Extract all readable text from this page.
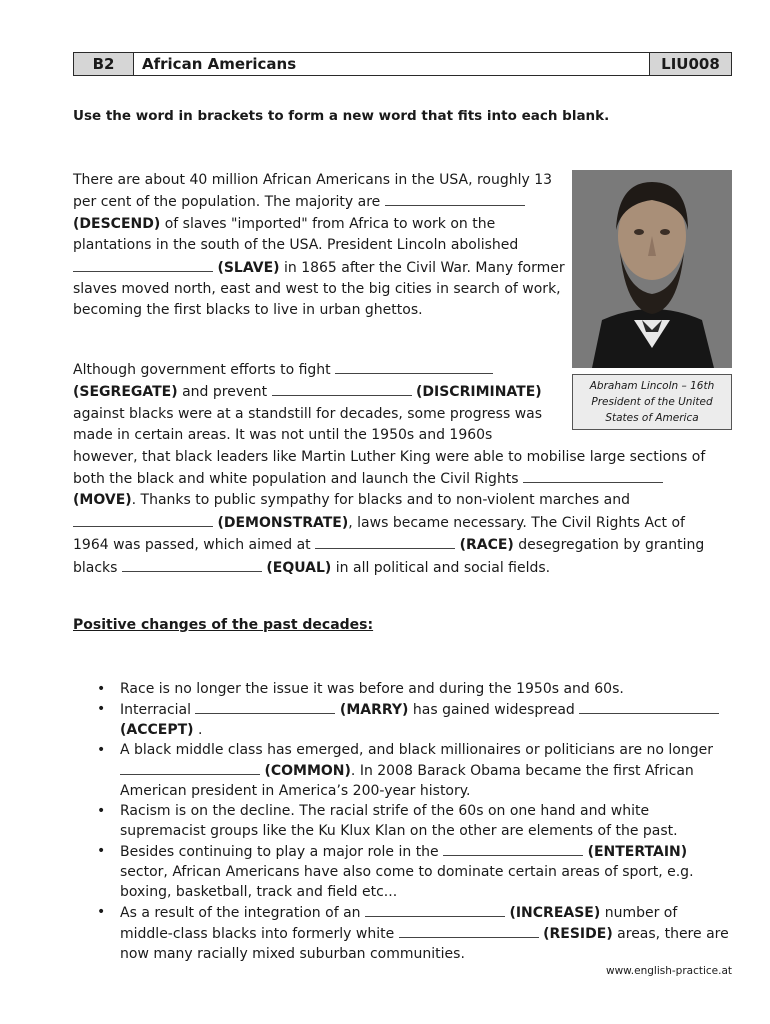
B2	African Americans	LIU008
Use the word in brackets to form a new word that fits into each blank.

There are about 40 million African Americans in the USA, roughly 13 per cent of the population. The majority are  (DESCEND) of slaves "imported" from Africa to work on the plantations in the south of the USA. President Lincoln abolished  (SLAVE) in 1865 after the Civil War. Many former slaves moved north, east and west to the big cities in search of work, becoming the first blacks to live in urban ghettos.

Abraham Lincoln – 16th President of the United States of America

Although government efforts to fight  (SEGREGATE) and prevent	(DISCRIMINATE) against blacks were at a standstill for decades, some progress was made in certain areas. It was not until the 1950s and 1960s however, that black leaders like Martin Luther King were able to mobilise large sections of both the black and white population and launch the Civil Rights  (MOVE). Thanks to public sympathy for blacks and to non-violent marches and  (DEMONSTRATE), laws became necessary. The Civil Rights Act of 1964 was passed, which aimed at	(RACE) desegregation by granting blacks	(EQUAL) in all political and social fields.

Positive changes of the past decades:
• Race is no longer the issue it was before and during the 1950s and 60s.
• Interracial	(MARRY) has gained widespread  (ACCEPT) .
• A black middle class has emerged, and black millionaires or politicians are no longer  (COMMON). In 2008 Barack Obama became the first African American president in America’s 200-year history.
• Racism is on the decline. The racial strife of the 60s on one hand and white supremacist groups like the Ku Klux Klan on the other are elements of the past.
• Besides continuing to play a major role in the	(ENTERTAIN) sector, African Americans have also come to dominate certain areas of sport, e.g. boxing, basketball, track and field etc...
• As a result of the integration of an	(INCREASE) number of middle-class blacks into formerly white	(RESIDE) areas, there are now many racially mixed suburban communities.
www.english-practice.at
